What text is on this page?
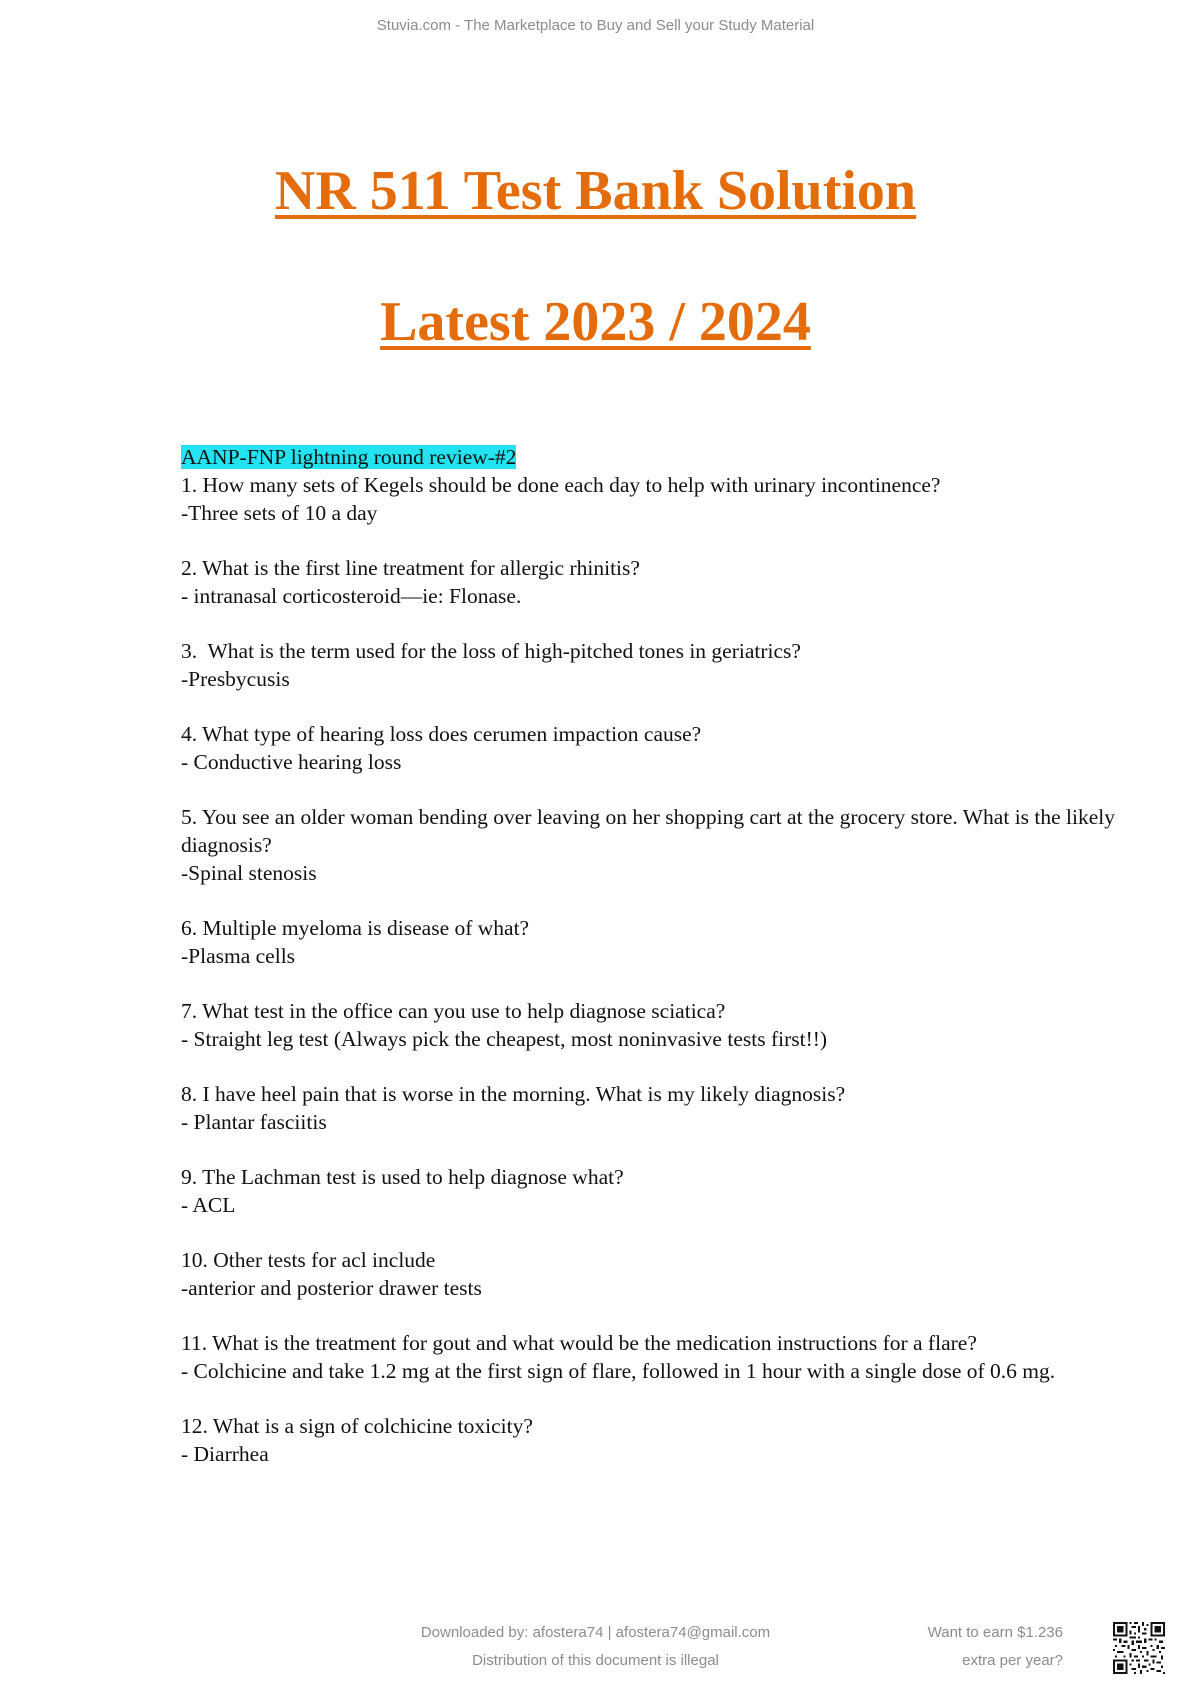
Stuvia.com - The Marketplace to Buy and Sell your Study Material
NR 511 Test Bank Solution
Latest 2023 / 2024

AANP-FNP lightning round review-#2

1. How many sets of Kegels should be done each day to help with urinary incontinence?

-Three sets of 10 a day

2. What is the first line treatment for allergic rhinitis?

- intranasal corticosteroid—ie: Flonase.

3.  What is the term used for the loss of high-pitched tones in geriatrics?

-Presbycusis

4. What type of hearing loss does cerumen impaction cause?

- Conductive hearing loss

5. You see an older woman bending over leaving on her shopping cart at the grocery store. What is the likely diagnosis?

-Spinal stenosis

6. Multiple myeloma is disease of what?

-Plasma cells

7. What test in the office can you use to help diagnose sciatica?

- Straight leg test (Always pick the cheapest, most noninvasive tests first!!)

8. I have heel pain that is worse in the morning. What is my likely diagnosis?

- Plantar fasciitis

9. The Lachman test is used to help diagnose what?

- ACL

10. Other tests for acl include

-anterior and posterior drawer tests

11. What is the treatment for gout and what would be the medication instructions for a flare?

- Colchicine and take 1.2 mg at the first sign of flare, followed in 1 hour with a single dose of 0.6 mg.

12. What is a sign of colchicine toxicity?

- Diarrhea

Downloaded by: afostera74 | afostera74@gmail.com
Distribution of this document is illegal
Want to earn $1.236
extra per year?
